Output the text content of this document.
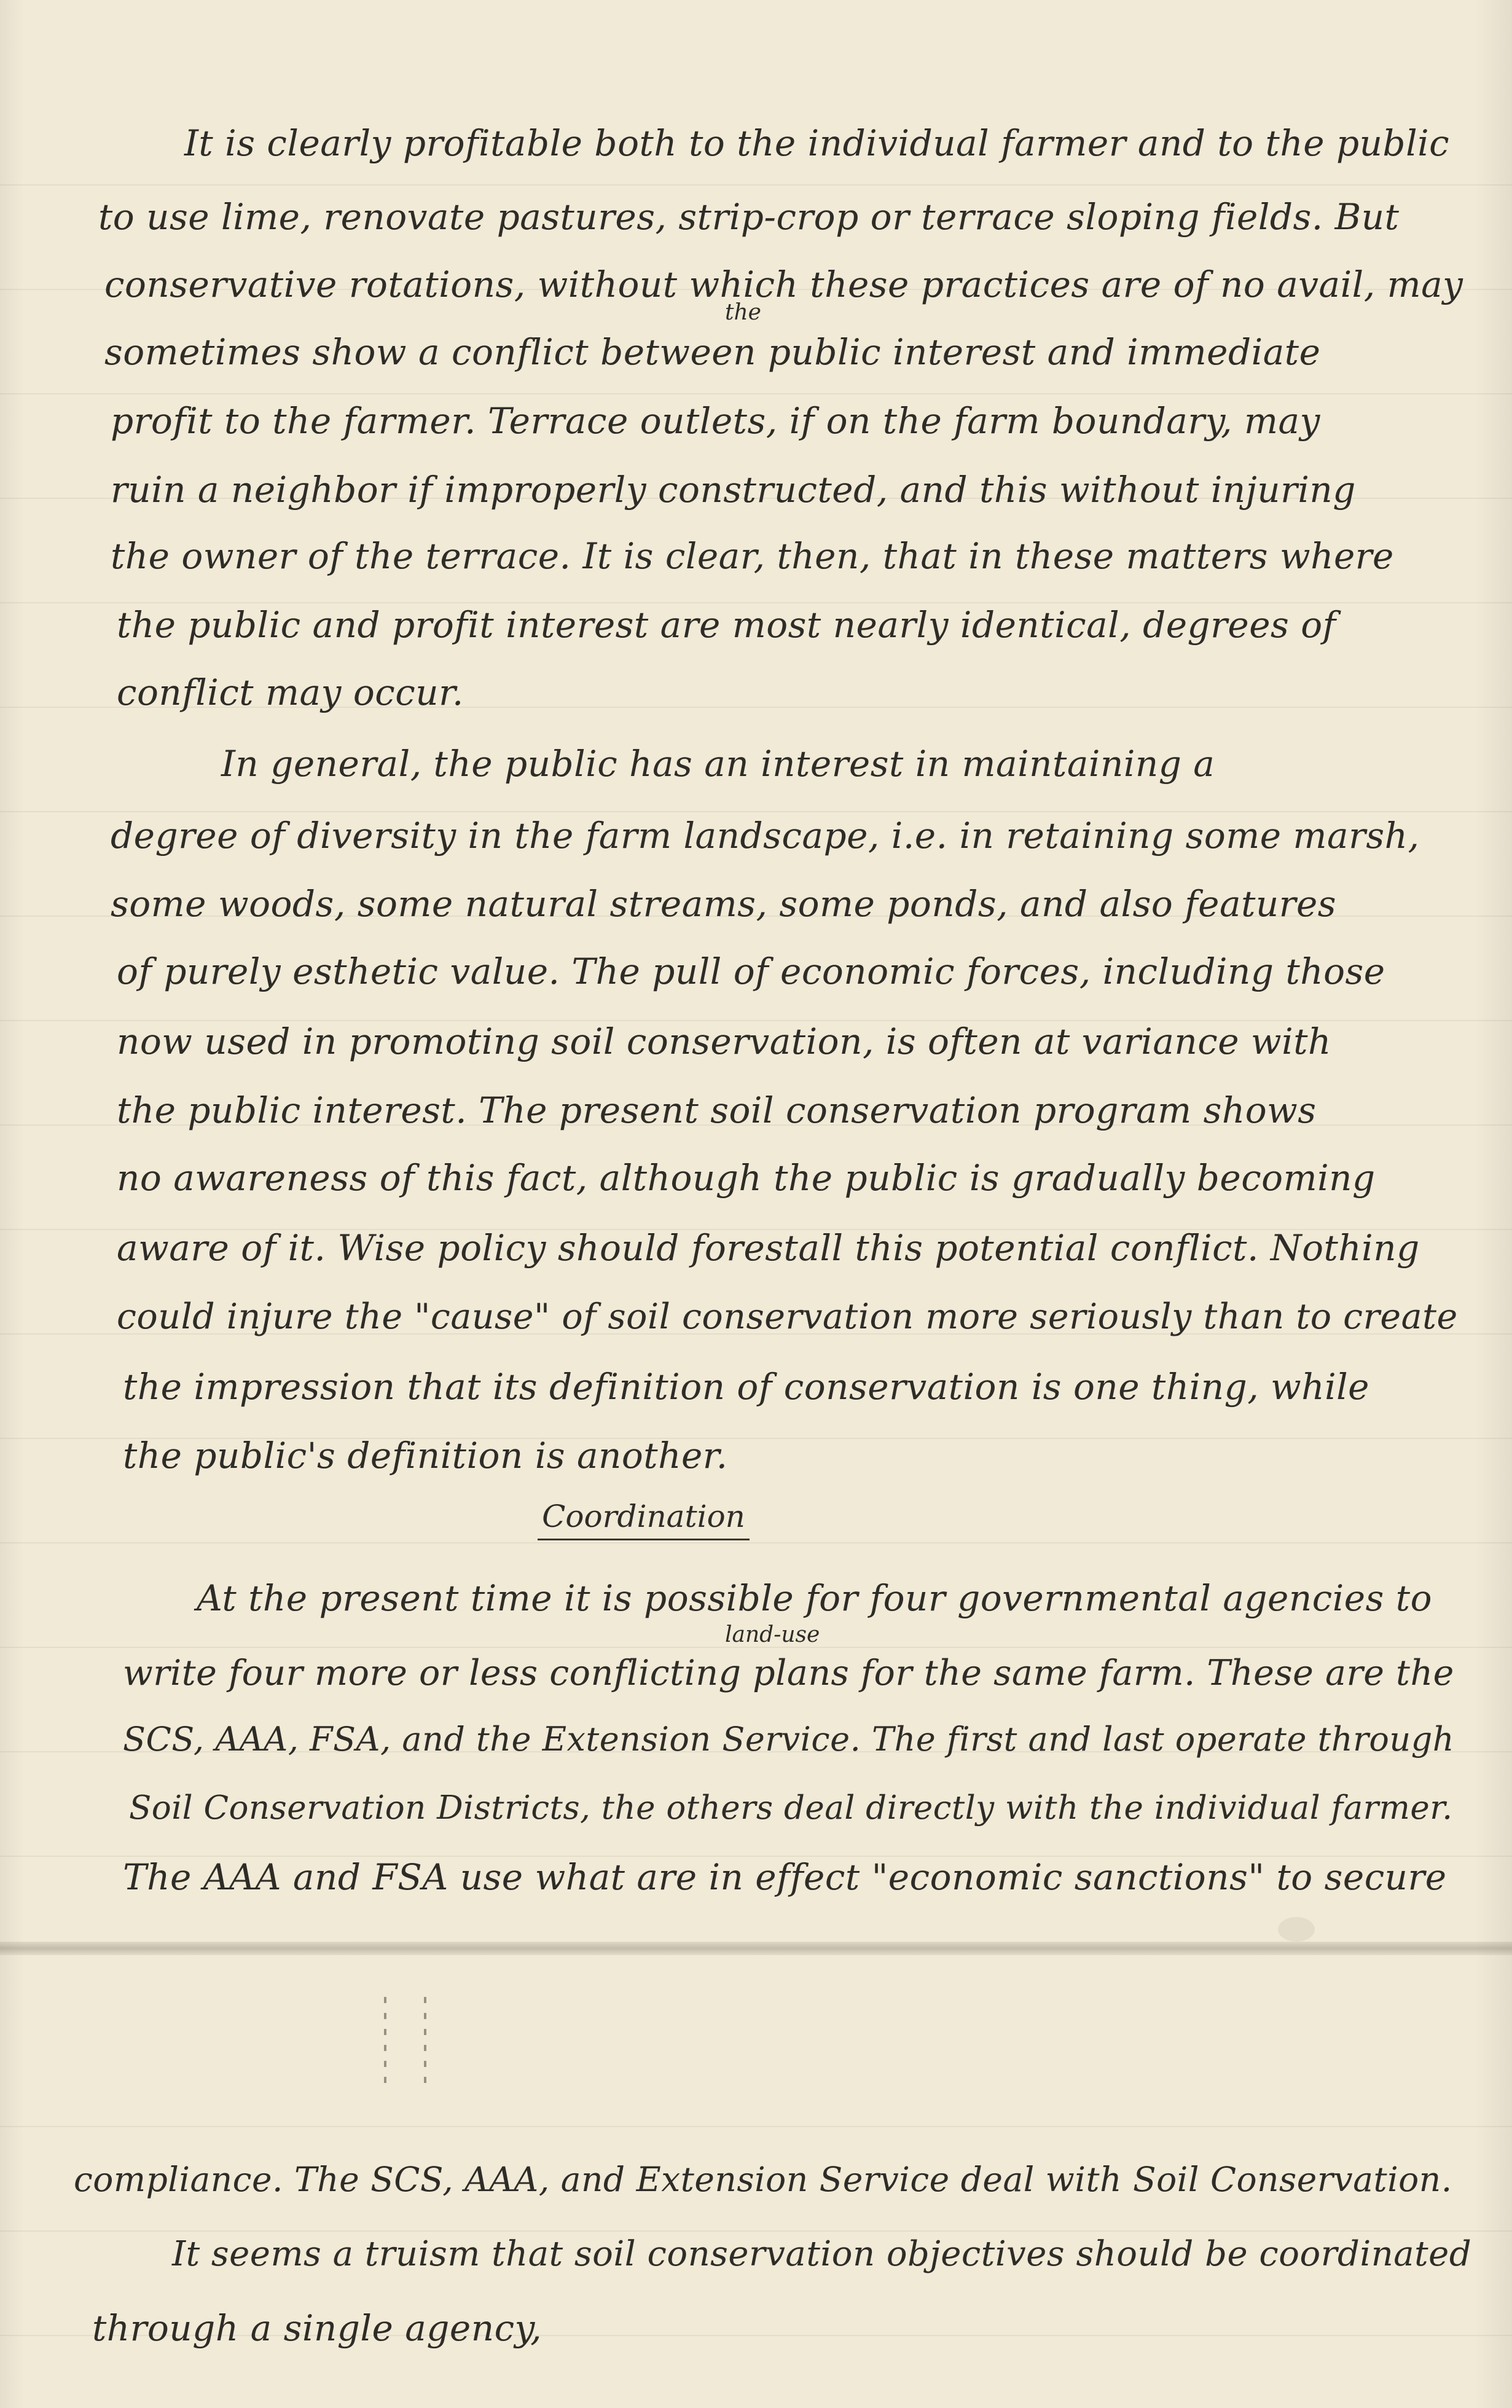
It is clearly profitable both to the individual farmer and to the public
to use lime, renovate pastures, strip-crop or terrace sloping fields. But
conservative rotations, without which these practices are of no avail, may
sometimes show a conflict between public interest and immediate
the
profit to the farmer. Terrace outlets, if on the farm boundary, may
ruin a neighbor if improperly constructed, and this without injuring
the owner of the terrace. It is clear, then, that in these matters where
the public and profit interest are most nearly identical, degrees of
conflict may occur.
In general, the public has an interest in maintaining a
degree of diversity in the farm landscape, i.e. in retaining some marsh,
some woods, some natural streams, some ponds, and also features
of purely esthetic value. The pull of economic forces, including those
now used in promoting soil conservation, is often at variance with
the public interest. The present soil conservation program shows
no awareness of this fact, although the public is gradually becoming
aware of it. Wise policy should forestall this potential conflict. Nothing
could injure the "cause" of soil conservation more seriously than to create
the impression that its definition of conservation is one thing, while
the public's definition is another.
Coordination
At the present time it is possible for four governmental agencies to
land-use
write four more or less conflicting plans for the same farm. These are the
SCS, AAA, FSA, and the Extension Service. The first and last operate through
Soil Conservation Districts, the others deal directly with the individual farmer.
The AAA and FSA use what are in effect "economic sanctions" to secure
compliance. The SCS, AAA, and Extension Service deal with Soil Conservation.
It seems a truism that soil conservation objectives should be coordinated
through a single agency,
